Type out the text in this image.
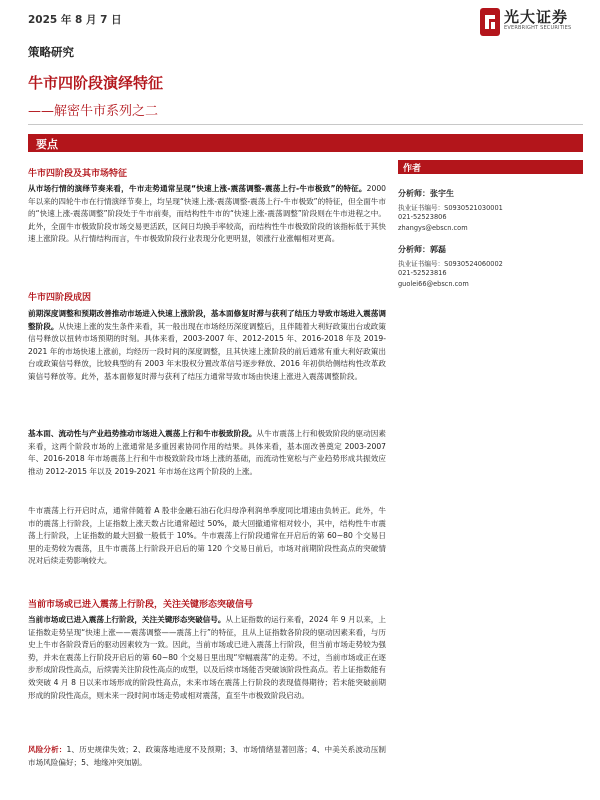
2025 年 8 月 7 日	光大证券
EVERBRIGHT SECURITIES
策略研究
牛市四阶段演绎特征
——解密牛市系列之二
要点
牛市四阶段及其市场特征

从市场行情的演绎节奏来看，牛市走势通常呈现“快速上涨-震荡调整-震荡上行-牛市极致”的特征。2000 年以来的四轮牛市在行情演绎节奏上，均呈现“快速上涨-震荡调整-震荡上行-牛市极致”的特征，但全面牛市的“快速上涨-震荡调整”阶段处于牛市前奏，而结构性牛市的“快速上涨-震荡调整”阶段则在牛市进程之中。此外，全面牛市极致阶段市场交易更活跃，区间日均换手率较高，而结构性牛市极致阶段的该指标低于其快速上涨阶段。从行情结构而言，牛市极致阶段行业表现分化更明显，领涨行业涨幅相对更高。

牛市四阶段成因

前期深度调整和预期改善推动市场进入快速上涨阶段，基本面修复时滞与获利了结压力导致市场进入震荡调整阶段。从快速上涨的发生条件来看，其一般出现在市场经历深度调整后，且伴随着大利好政策出台或政策信号释放以扭转市场预期的时刻。具体来看，2003-2007 年、2012-2015 年、2016-2018 年及 2019-2021 年的市场快速上涨前，均经历一段时间的深度调整，且其快速上涨阶段的前后通常有重大利好政策出台或政策信号释放，比较典型的有 2003 年末股权分置改革信号逐步释放、2016 年初供给侧结构性改革政策信号释放等。此外，基本面修复时滞与获利了结压力通常导致市场由快速上涨进入震荡调整阶段。

基本面、流动性与产业趋势推动市场进入震荡上行和牛市极致阶段。从牛市震荡上行和极致阶段的驱动因素来看，这两个阶段市场的上涨通常是多重因素协同作用的结果。具体来看，基本面改善奠定 2003-2007 年、2016-2018 年市场震荡上行和牛市极致阶段市场上涨的基础，而流动性宽松与产业趋势形成共振效应推动 2012-2015 年以及 2019-2021 年市场在这两个阶段的上涨。

牛市震荡上行开启时点，通常伴随着 A 股非金融石油石化归母净利润单季度同比增速由负转正。此外，牛市的震荡上行阶段，上证指数上涨天数占比通常超过 50%，最大回撤通常相对较小，其中，结构性牛市震荡上行阶段，上证指数的最大回撤一般低于 10%。牛市震荡上行阶段通常在开启后的第 60~80 个交易日里的走势较为震荡，且牛市震荡上行阶段开启后的第 120 个交易日前后，市场对前期阶段性高点的突破情况对后续走势影响较大。

当前市场或已进入震荡上行阶段，关注关键形态突破信号

当前市场或已进入震荡上行阶段，关注关键形态突破信号。从上证指数的运行来看，2024 年 9 月以来，上证指数走势呈现“快速上涨——震荡调整——震荡上行”的特征，且从上证指数各阶段的驱动因素来看，与历史上牛市各阶段背后的驱动因素较为一致。因此，当前市场或已进入震荡上行阶段，但当前市场走势较为强势，并未在震荡上行阶段开启后的第 60~80 个交易日里出现“窄幅震荡”的走势。不过，当前市场或正在逐步形成阶段性高点，后续需关注阶段性高点的成型，以及后续市场能否突破该阶段性高点。若上证指数能有效突破 4 月 8 日以来市场形成的阶段性高点，未来市场在震荡上行阶段的表现值得期待；若未能突破前期形成的阶段性高点，则未来一段时间市场走势或相对震荡，直至牛市极致阶段启动。

风险分析：1、历史规律失效；2、政策落地进度不及预期；3、市场情绪显著回落；4、中美关系波动压制市场风险偏好；5、地缘冲突加剧。

作者
分析师：张宇生
执业证书编号：S0930521030001
021-52523806
zhangys@ebscn.com
分析师：郭磊
执业证书编号：S0930524060002
021-52523816
guolei66@ebscn.com
